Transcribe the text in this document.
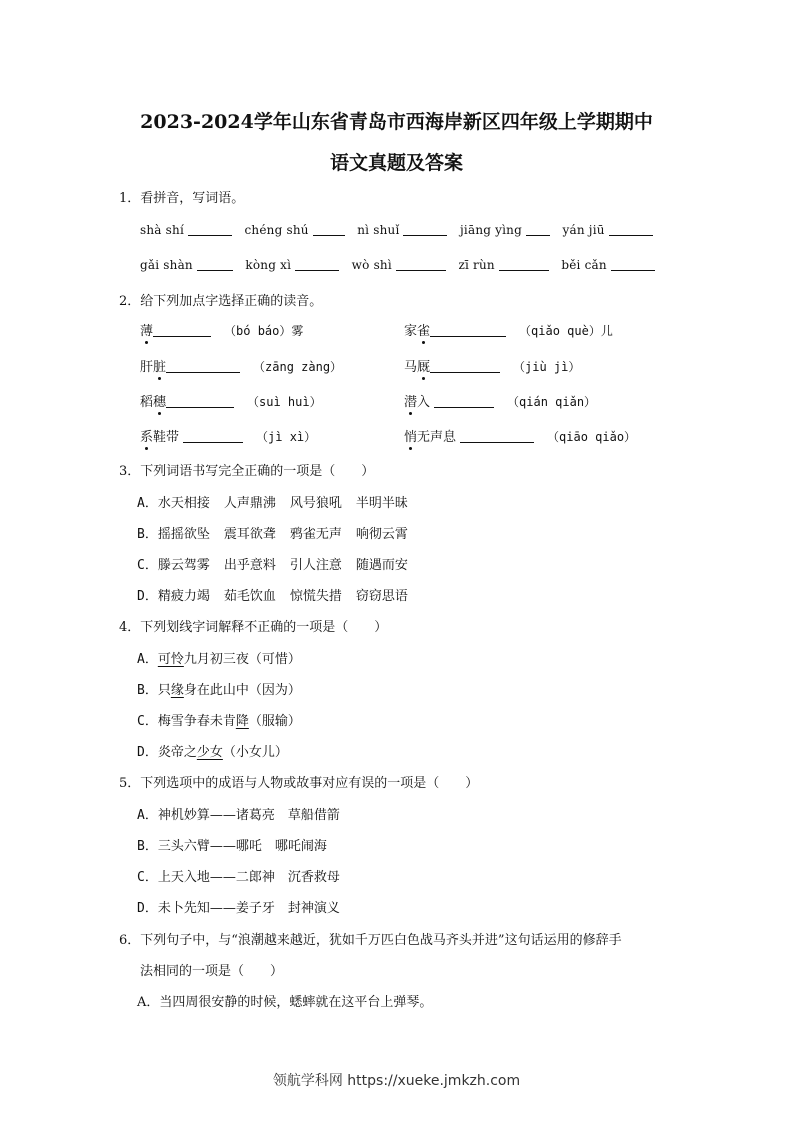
2023-2024学年山东省青岛市西海岸新区四年级上学期期中
语文真题及答案
1．看拼音，写词语。
shà shí	chéng shú	nì shuǐ	jiāng yìng	yán jiū
gǎi shàn	kòng xì	wò shì	zī rùn	běi cǎn
2．给下列加点字选择正确的读音。
薄	（bó báo）雾	家雀	（qiǎo què）儿
肝脏	（zāng zàng）	马厩	（jiù jì）
稻穗	（suì huì）	潜入	（qián qiǎn）
系鞋带	（jì xì）	悄无声息	（qiāo qiǎo）
3．下列词语书写完全正确的一项是（　　）
A．水天相接 人声鼎沸 风号狼吼 半明半昧
B．摇摇欲坠 震耳欲聋 鸦雀无声 响彻云霄
C．滕云驾雾 出乎意料 引人注意 随遇而安
D．精疲力竭 茹毛饮血 惊慌失措 窃窃思语
4．下列划线字词解释不正确的一项是（　　）
A．可怜九月初三夜（可惜）
B．只缘身在此山中（因为）
C．梅雪争春未肯降（服输）
D．炎帝之少女（小女儿）
5．下列选项中的成语与人物或故事对应有误的一项是（　　）
A．神机妙算——诸葛亮　草船借箭
B．三头六臂——哪吒　哪吒闹海
C．上天入地——二郎神　沉香救母
D．未卜先知——姜子牙　封神演义
6．下列句子中，与“浪潮越来越近，犹如千万匹白色战马齐头并进”这句话运用的修辞手
法相同的一项是（　　）
A．当四周很安静的时候，蟋蟀就在这平台上弹琴。
领航学科网 https://xueke.jmkzh.com
